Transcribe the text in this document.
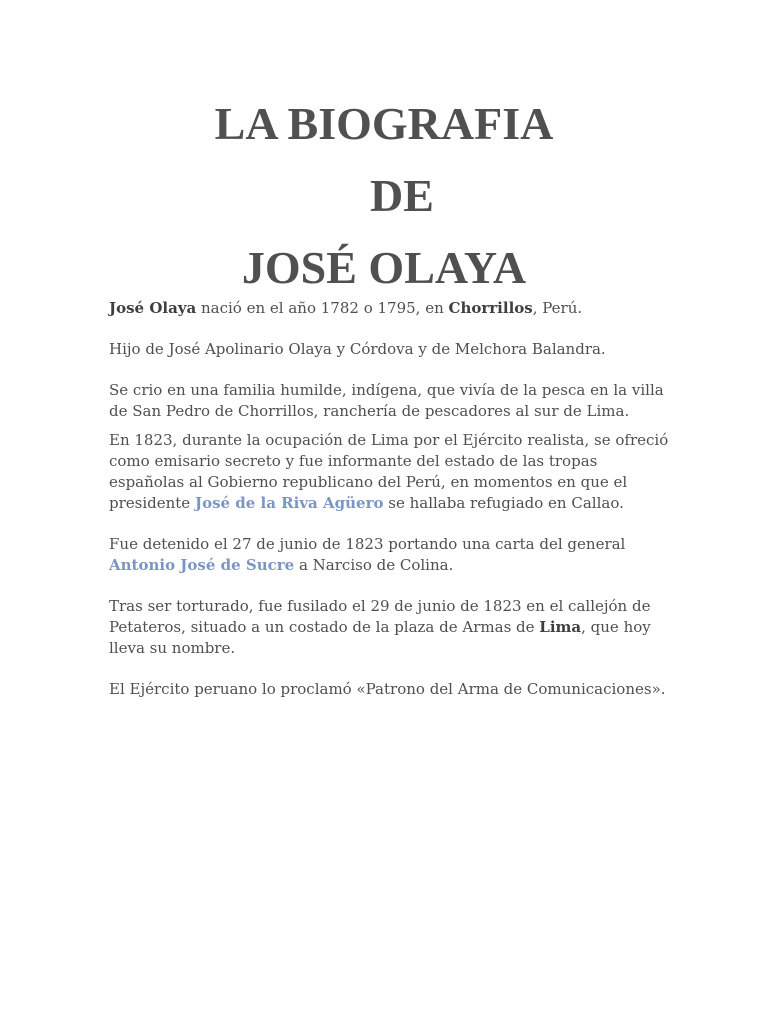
LA BIOGRAFIA
DE
JOSÉ OLAYA

José Olaya nació en el año 1782 o 1795, en Chorrillos, Perú.

Hijo de José Apolinario Olaya y Córdova y de Melchora Balandra.

Se crio en una familia humilde, indígena, que vivía de la pesca en la villa de San Pedro de Chorrillos, ranchería de pescadores al sur de Lima.

En 1823, durante la ocupación de Lima por el Ejército realista, se ofreció como emisario secreto y fue informante del estado de las tropas españolas al Gobierno republicano del Perú, en momentos en que el presidente José de la Riva Agüero se hallaba refugiado en Callao.

Fue detenido el 27 de junio de 1823 portando una carta del general Antonio José de Sucre a Narciso de Colina.

Tras ser torturado, fue fusilado el 29 de junio de 1823 en el callejón de Petateros, situado a un costado de la plaza de Armas de Lima, que hoy lleva su nombre.

El Ejército peruano lo proclamó «Patrono del Arma de Comunicaciones».
